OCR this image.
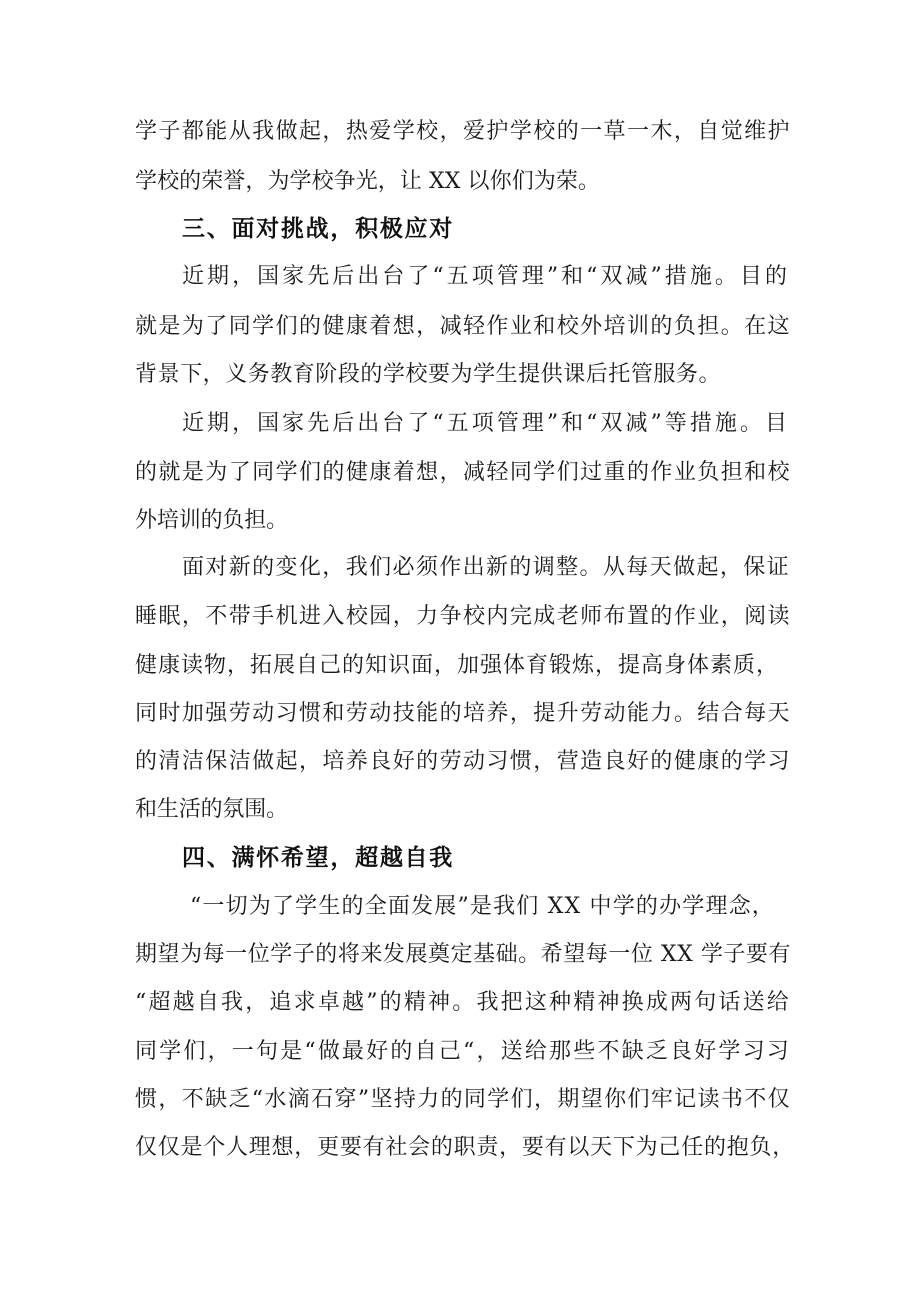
学子都能从我做起，热爱学校，爱护学校的一草一木，自觉维护
学校的荣誉，为学校争光，让 XX 以你们为荣。
三、面对挑战，积极应对
近期，国家先后出台了“五项管理”和“双减”措施。目的
就是为了同学们的健康着想，减轻作业和校外培训的负担。在这
背景下，义务教育阶段的学校要为学生提供课后托管服务。
近期，国家先后出台了“五项管理”和“双减”等措施。目
的就是为了同学们的健康着想，减轻同学们过重的作业负担和校
外培训的负担。
面对新的变化，我们必须作出新的调整。从每天做起，保证
睡眠，不带手机进入校园，力争校内完成老师布置的作业，阅读
健康读物，拓展自己的知识面，加强体育锻炼，提高身体素质，
同时加强劳动习惯和劳动技能的培养，提升劳动能力。结合每天
的清洁保洁做起，培养良好的劳动习惯，营造良好的健康的学习
和生活的氛围。
四、满怀希望，超越自我
“一切为了学生的全面发展”是我们 XX 中学的办学理念，
期望为每一位学子的将来发展奠定基础。希望每一位 XX 学子要有
“超越自我，追求卓越”的精神。我把这种精神换成两句话送给
同学们，一句是“做最好的自己“，送给那些不缺乏良好学习习
惯，不缺乏“水滴石穿”坚持力的同学们，期望你们牢记读书不仅
仅仅是个人理想，更要有社会的职责，要有以天下为己任的抱负，
